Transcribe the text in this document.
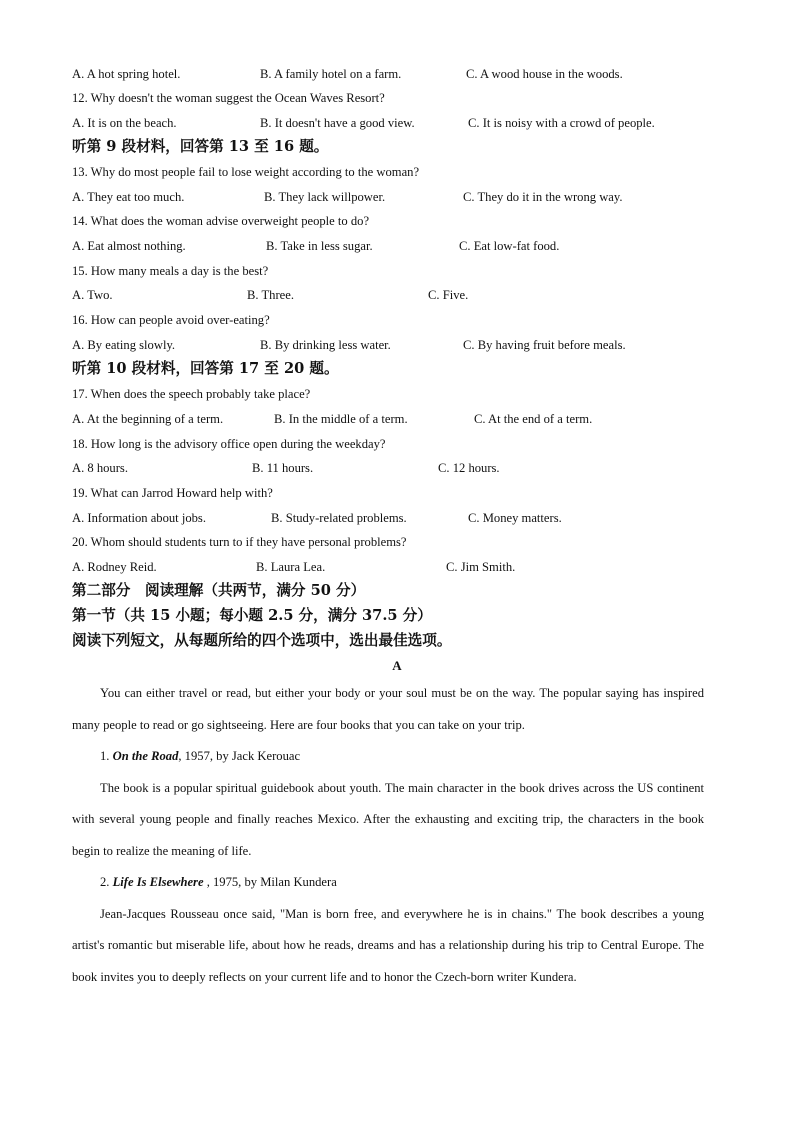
A. A hot spring hotel.	B. A family hotel on a farm.	C. A wood house in the woods.
12. Why doesn't the woman suggest the Ocean Waves Resort?
A. It is on the beach.	B. It doesn't have a good view.	C. It is noisy with a crowd of people.
听第 9 段材料，回答第 13 至 16 题。
13. Why do most people fail to lose weight according to the woman?
A. They eat too much.	B. They lack willpower.	C. They do it in the wrong way.
14. What does the woman advise overweight people to do?
A. Eat almost nothing.	B. Take in less sugar.	C. Eat low-fat food.
15. How many meals a day is the best?
A. Two.	B. Three.	C. Five.
16. How can people avoid over-eating?
A. By eating slowly.	B. By drinking less water.	C. By having fruit before meals.
听第 10 段材料，回答第 17 至 20 题。
17. When does the speech probably take place?
A. At the beginning of a term.	B. In the middle of a term.	C. At the end of a term.
18. How long is the advisory office open during the weekday?
A. 8 hours.	B. 11 hours.	C. 12 hours.
19. What can Jarrod Howard help with?
A. Information about jobs.	B. Study-related problems.	C. Money matters.
20. Whom should students turn to if they have personal problems?
A. Rodney Reid.	B. Laura Lea.	C. Jim Smith.
第二部分　阅读理解（共两节，满分 50 分）
第一节（共 15 小题；每小题 2.5 分，满分 37.5 分）
阅读下列短文，从每题所给的四个选项中，选出最佳选项。
A

You can either travel or read, but either your body or your soul must be on the way. The popular saying has inspired many people to read or go sightseeing. Here are four books that you can take on your trip.

1. On the Road, 1957, by Jack Kerouac

The book is a popular spiritual guidebook about youth. The main character in the book drives across the US continent with several young people and finally reaches Mexico. After the exhausting and exciting trip, the characters in the book begin to realize the meaning of life.

2. Life Is Elsewhere , 1975, by Milan Kundera

Jean-Jacques Rousseau once said, "Man is born free, and everywhere he is in chains." The book describes a young artist's romantic but miserable life, about how he reads, dreams and has a relationship during his trip to Central Europe. The book invites you to deeply reflects on your current life and to honor the Czech-born writer Kundera.
